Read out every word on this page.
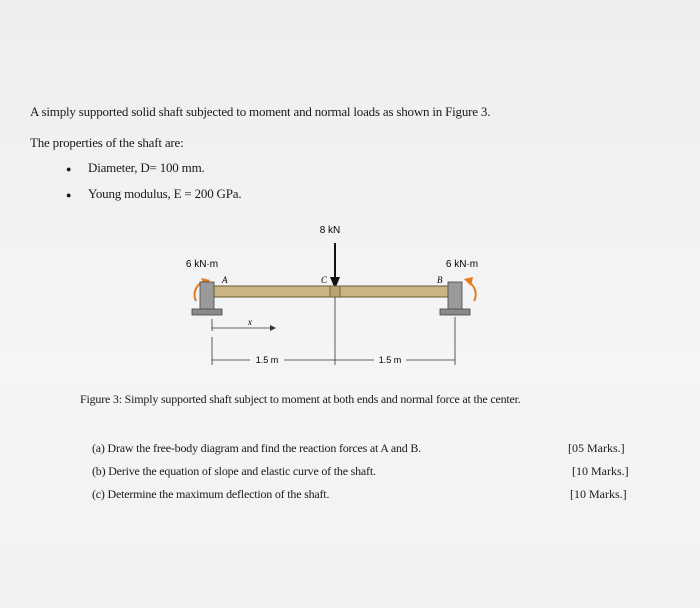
A simply supported solid shaft subjected to moment and normal loads as shown in Figure 3.
The properties of the shaft are:
● Diameter, D= 100 mm.
● Young modulus, E = 200 GPa.
8 kN
6 kN·m	6 kN·m
A	C	B
x
1.5 m	1.5 m
Figure 3: Simply supported shaft subject to moment at both ends and normal force at the center.
(a) Draw the free-body diagram and find the reaction forces at A and B.	[05 Marks.]
(b) Derive the equation of slope and elastic curve of the shaft.	[10 Marks.]
(c) Determine the maximum deflection of the shaft.	[10 Marks.]
